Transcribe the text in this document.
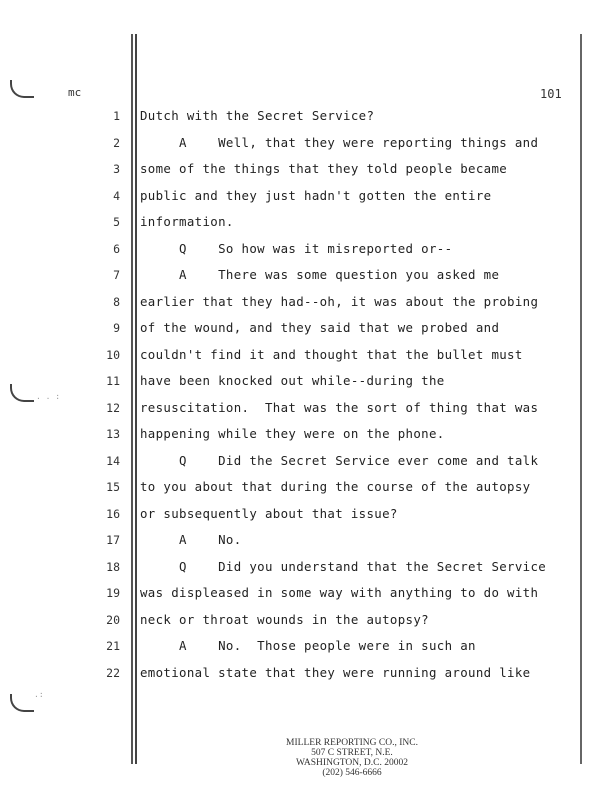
. . :
.:
mc	101
1 Dutch with the Secret Service?
2 A    Well, that they were reporting things and
3 some of the things that they told people became
4 public and they just hadn't gotten the entire
5 information.
6 Q    So how was it misreported or--
7 A    There was some question you asked me
8 earlier that they had--oh, it was about the probing
9 of the wound, and they said that we probed and
10 couldn't find it and thought that the bullet must
11 have been knocked out while--during the
12 resuscitation.  That was the sort of thing that was
13 happening while they were on the phone.
14 Q    Did the Secret Service ever come and talk
15 to you about that during the course of the autopsy
16 or subsequently about that issue?
17 A    No.
18 Q    Did you understand that the Secret Service
19 was displeased in some way with anything to do with
20 neck or throat wounds in the autopsy?
21 A    No.  Those people were in such an
22 emotional state that they were running around like
MILLER REPORTING CO., INC.
507 C STREET, N.E.
WASHINGTON, D.C. 20002
(202) 546-6666
